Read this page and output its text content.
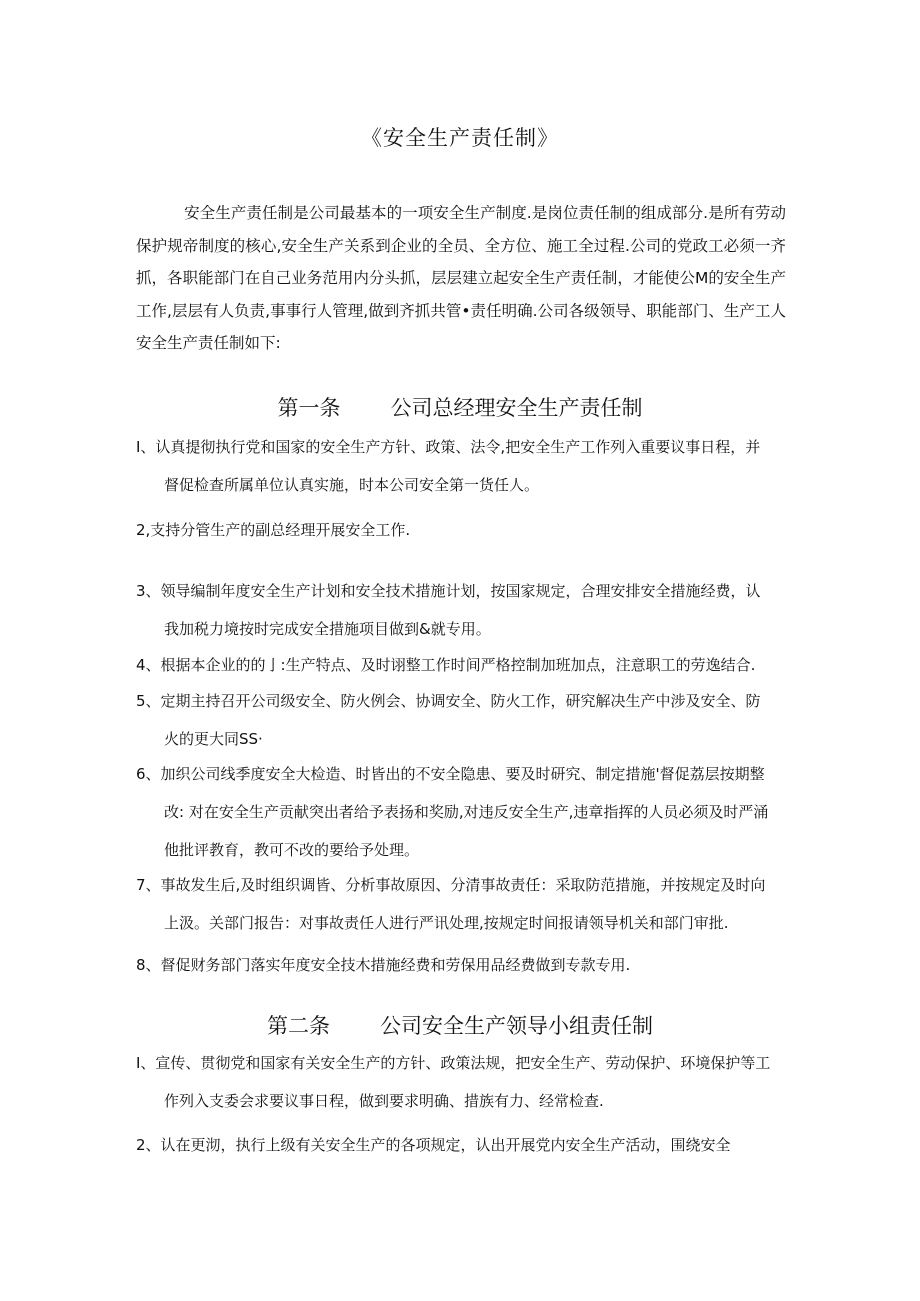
《安全生产责任制》
安全生产责任制是公司最基本的一项安全生产制度.是岗位责任制的组成部分.是所有劳动保护规帝制度的核心,安全生产关系到企业的全员、全方位、施工全过程.公司的党政工必须一齐抓，各职能部门在自己业务范用内分头抓，层层建立起安全生产责任制，才能使公M的安全生产工作,层层有人负责,事事行人管理,做到齐抓共管•责任明确.公司各级领导、职能部门、生产工人安全生产责任制如下:
第一条 公司总经理安全生产责任制
I、认真提彻执行党和国家的安全生产方针、政策、法令,把安全生产工作列入重要议事日程，并
督促检查所属单位认真实施，时本公司安全第一货任人。
2,支持分管生产的副总经理开展安全工作.
3、领导编制年度安全生产计划和安全技术措施计划，按国家规定，合理安排安全措施经费，认
我加税力境按时完成安全措施项目做到&就专用。
4、根据本企业的的亅:生产特点、及时诩整工作时间严格控制加班加点，注意职工的劳逸结合.
5、定期主持召开公司级安全、防火例会、协调安全、防火工作，研究解决生产中涉及安全、防
火的更大同SS·
6、加织公司线季度安全大检造、时皆出的不安全隐患、要及时研究、制定措施'督促荔层按期整
改: 对在安全生产贡献突出者给予表扬和奖励,对违反安全生产,违章指挥的人员必须及时严涌
他批评教育，教可不改的要给予处理。
7、事故发生后,及时组织调皆、分析事故原因、分清事故责任：采取防范措施，并按规定及时向
上汲。关部门报告：对事故责任人进行严讯处理,按规定时间报请领导机关和部门审批.
8、督促财务部门落实年度安全技木措施经费和劳保用品经费做到专款专用.
第二条 公司安全生产领导小组责任制
I、宣传、贯彻党和国家有关安全生产的方针、政策法规，把安全生产、劳动保护、环境保护等工
作列入支委会求要议事日程，做到要求明确、措族有力、经常检查.
2、认在更沏，执行上级有关安全生产的各项规定，认出开展党内安全生产活动，围绕安全
